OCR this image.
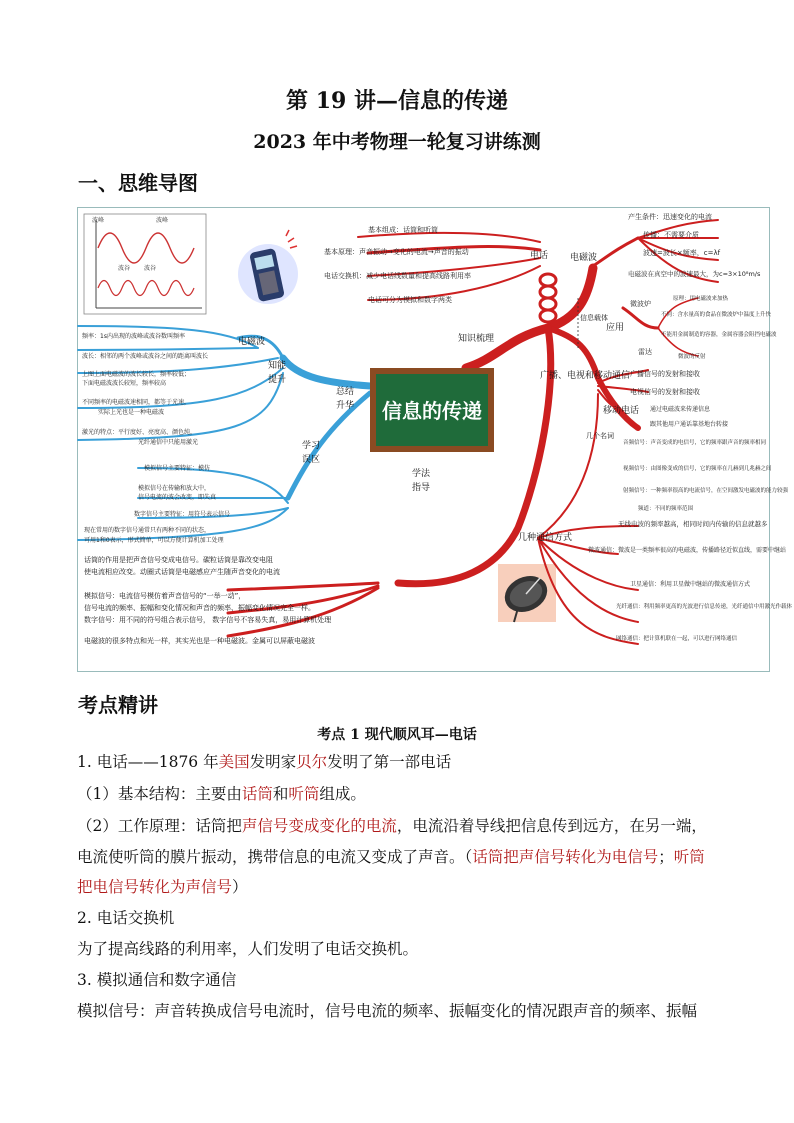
第 19 讲—信息的传递
2023 年中考物理一轮复习讲练测
一、思维导图
波峰	波峰
波谷 波谷
信息的传递
知识梳理
总结
升华
学法
指导
知能
提升
学习
误区
电话 电磁波
信息载体
广播、电视和移动通信
几种通信方式
电磁波
应用
几个名词
移动电话
基本组成：话筒和听筒
基本原理：声音振动→变化的电流→声音的振动
电话交换机：减少电话线数量和提高线路利用率
电话可分为模拟和数字两类
产生条件：迅速变化的电流
传播：不需要介质
波速=波长×频率，c=λf
电磁波在真空中的波速最大，为c=3×10⁸m/s
微波炉
原理：用电磁波来加热
不同：含水量高的食品在微波炉中温度上升快
不能用金属制造的容器，金属容器会阻挡电磁波
雷达
微波的反射
广播信号的发射和接收
电视信号的发射和接收
通过电磁波来传递信息
跟其他用户通话靠基地台转接
音频信号：声音变成的电信号，它的频率跟声音的频率相同
视频信号：由图像变成的信号，它的频率在几赫到几兆赫之间
射频信号：一种频率很高的电流信号，在空间激发电磁波的能力较强
频道：不同的频率范围
无线电波的频率越高，相同时间内传输的信息就越多
微波通信：微波是一类频率很高的电磁波，传播路径近似直线，需要中继站
卫星通信：利用卫星做中继站的微波通信方式
光纤通信：利用频率更高的光波进行信息传递，光纤通信中用激光作载体
网络通信：把计算机联在一起，可以进行网络通信
频率：1s内出现的波峰或波谷数叫频率
波长：相邻的两个波峰或波谷之间的距离叫波长
上图上面电磁波的波长较长，频率较低；
下面电磁波波长较短，频率较高
不同频率的电磁波速相同，都等于光速，
实际上光也是一种电磁波
激光的特点：平行度好、亮度高、颜色纯，
光纤通信中只能用激光
模拟信号主要特征：模仿
模拟信号在传输和放大中，
信号电流的波会改变，即失真
数字信号主要特征：用符号表示信号
现在常用的数字信号通常只有两种不同的状态，
可用1和0表示，形式简单，可以方便计算机加工处理
话筒的作用是把声音信号变成电信号。碳粒话筒是靠改变电阻
使电流相应改变。动圈式话筒是电磁感应产生随声音变化的电流
模拟信号：电流信号模仿着声音信号的“一举一动”，
信号电流的频率、振幅和变化情况和声音的频率、振幅变化情况完全一样。
数字信号：用不同的符号组合表示信号， 数字信号不容易失真，易用计算机处理
电磁波的很多特点和光一样，其实光也是一种电磁波。金属可以屏蔽电磁波
考点精讲
考点 1 现代顺风耳—电话
1. 电话——1876 年美国发明家贝尔发明了第一部电话
（1）基本结构：主要由话筒和听筒组成。
（2）工作原理：话筒把声信号变成变化的电流，电流沿着导线把信息传到远方，在另一端，
电流使听筒的膜片振动，携带信息的电流又变成了声音。（话筒把声信号转化为电信号；听筒
把电信号转化为声信号）
2. 电话交换机
为了提高线路的利用率，人们发明了电话交换机。
3. 模拟通信和数字通信
模拟信号：声音转换成信号电流时，信号电流的频率、振幅变化的情况跟声音的频率、振幅
